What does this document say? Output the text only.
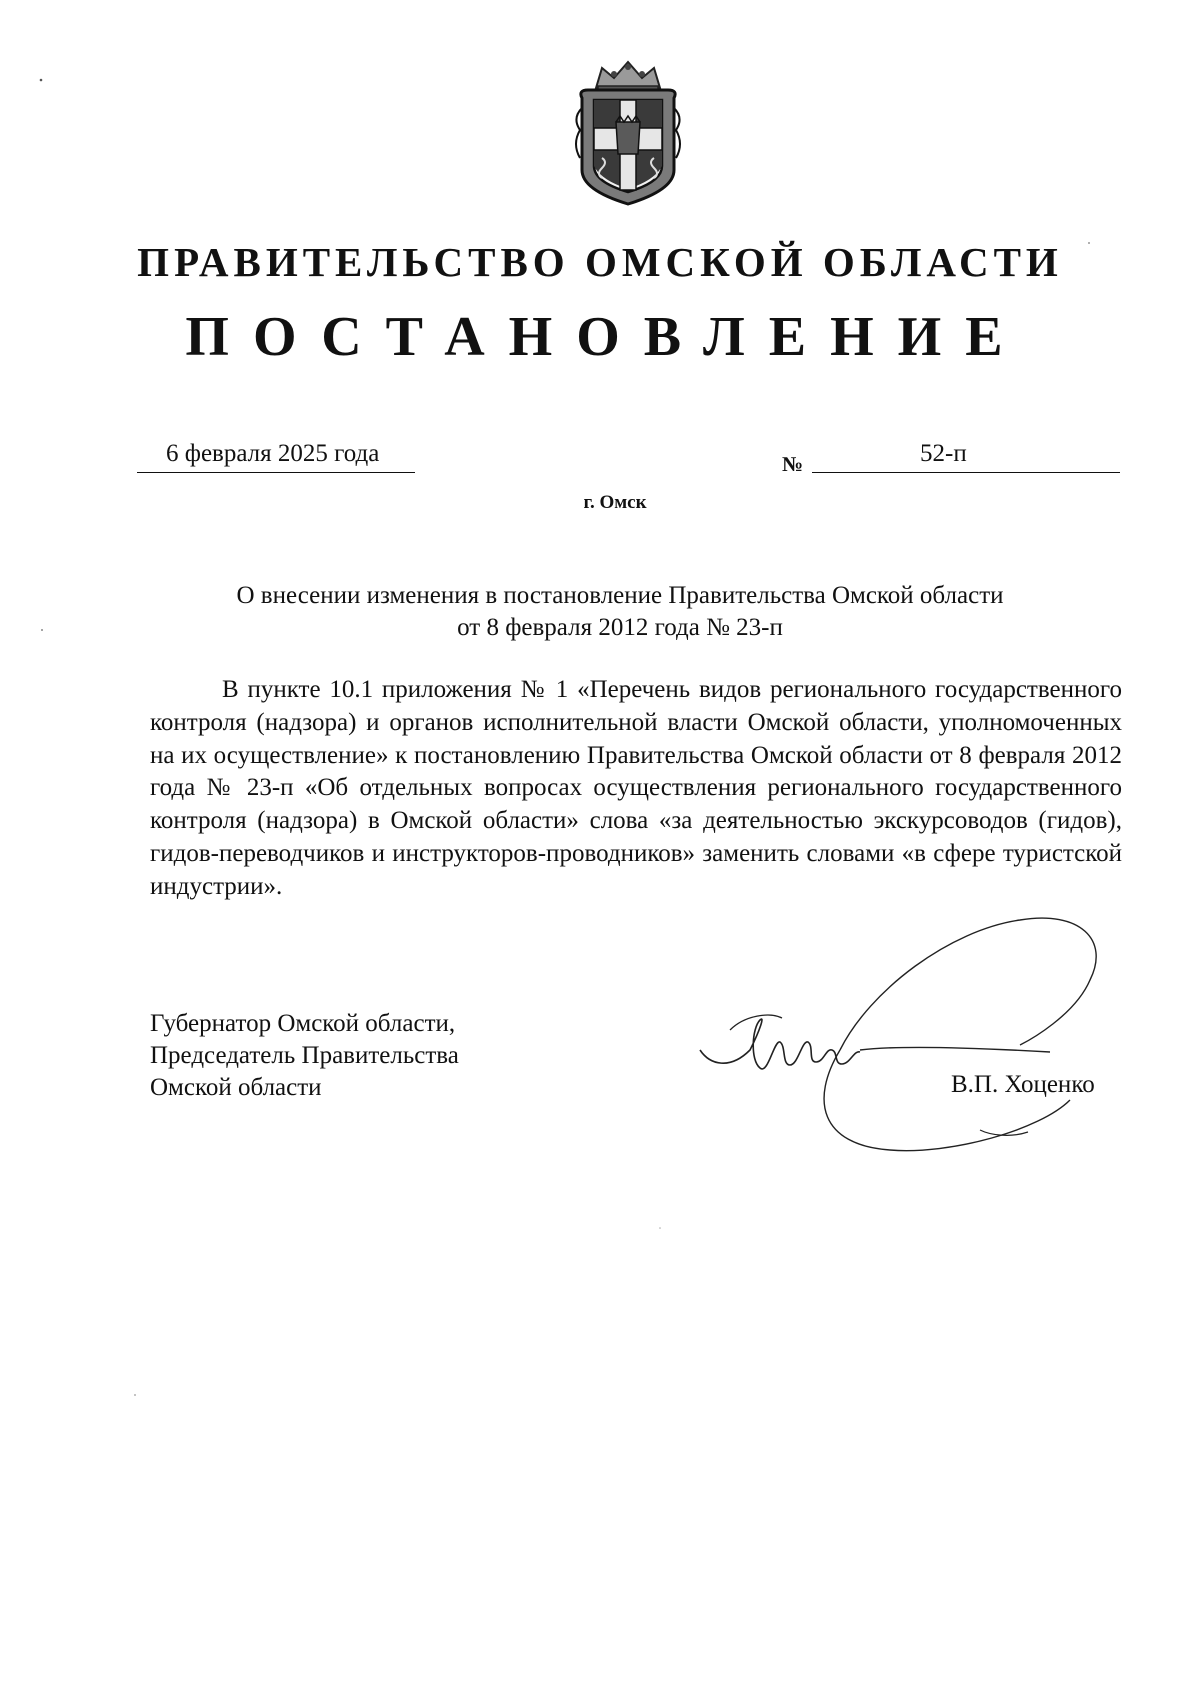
ПРАВИТЕЛЬСТВО ОМСКОЙ ОБЛАСТИ
ПОСТАНОВЛЕНИЕ
6 февраля 2025 года	№	52-п
г. Омск
О внесении изменения в постановление Правительства Омской области
от 8 февраля 2012 года № 23-п
В пункте 10.1 приложения № 1 «Перечень видов регионального государственного контроля (надзора) и органов исполнительной власти Омской области, уполномоченных на их осуществление» к постановлению Правительства Омской области от 8 февраля 2012 года № 23-п «Об отдельных вопросах осуществления регионального государственного контроля (надзора) в Омской области» слова «за деятельностью экскурсоводов (гидов), гидов-переводчиков и инструкторов-проводников» заменить словами «в сфере туристской индустрии».
Губернатор Омской области,
Председатель Правительства
Омской области	В.П. Хоценко
